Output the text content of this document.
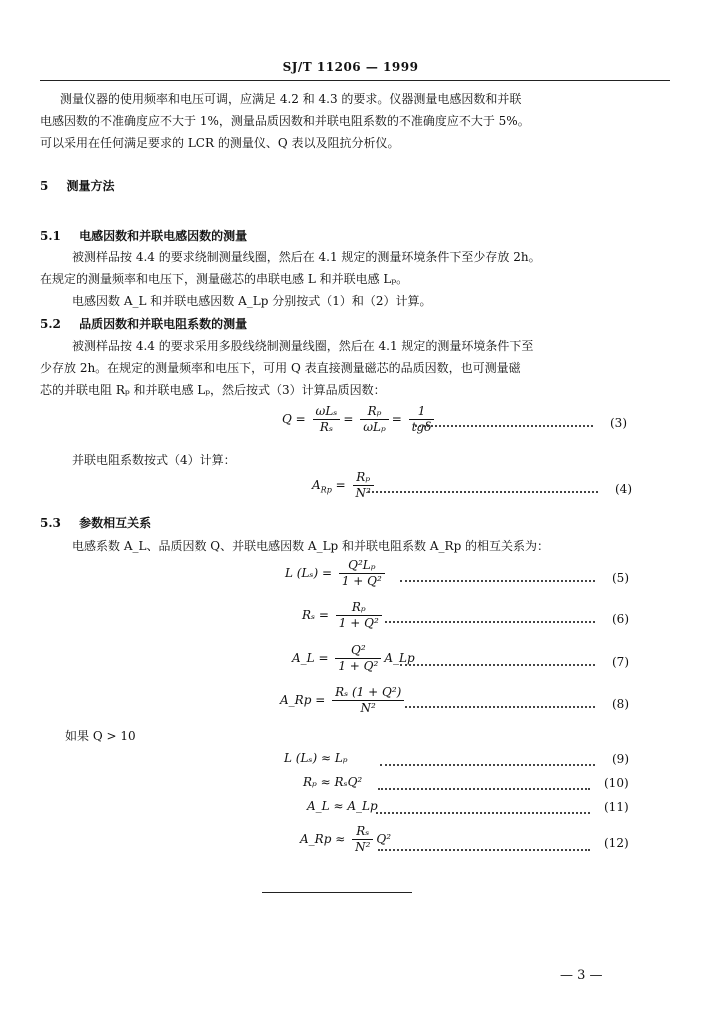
SJ/T 11206 — 1999
测量仪器的使用频率和电压可调，应满足 4.2 和 4.3 的要求。仪器测量电感因数和并联
电感因数的不准确度应不大于 1%，测量品质因数和并联电阻系数的不准确度应不大于 5%。
可以采用在任何满足要求的 LCR 的测量仪、Q 表以及阻抗分析仪。
5 测量方法
5.1 电感因数和并联电感因数的测量
被测样品按 4.4 的要求绕制测量线圈，然后在 4.1 规定的测量环境条件下至少存放 2h。
在规定的测量频率和电压下，测量磁芯的串联电感 L 和并联电感 Lₚ。
电感因数 A_L 和并联电感因数 A_Lp 分别按式（1）和（2）计算。
5.2 品质因数和并联电阻系数的测量
被测样品按 4.4 的要求采用多股线绕制测量线圈，然后在 4.1 规定的测量环境条件下至
少存放 2h。在规定的测量频率和电压下，可用 Q 表直接测量磁芯的品质因数，也可测量磁
芯的并联电阻 Rₚ 和并联电感 Lₚ，然后按式（3）计算品质因数：
$Q = \frac{\text{ωLₛ}}{\text{Rₛ}} = \frac{\text{Rₚ}}{\text{ωLₚ}} = \frac{1}{\text{tgδ}}$	(3)
并联电阻系数按式（4）计算：
$A_{Rp} = \frac{\text{Rₚ}}{\text{N²}}$	(4)
5.3 参数相互关系
电感系数 A_L、品质因数 Q、并联电感因数 A_Lp 和并联电阻系数 A_Rp 的相互关系为：
L $(L_s) = \frac{\text{Q²Lₚ}}{\text{1 + Q²}}$	(5)
$R_s = \frac{\text{Rₚ}}{\text{1 + Q²}}$	(6)
A_L = $\frac{\text{Q²}}{\text{1 + Q²}}$ A_Lp	(7)
A_Rp = $\frac{\text{Rₛ (1 + Q²)}}{\text{N²}}$	(8)
如果 Q > 10
L (Lₛ) ≈ Lₚ	(9)
Rₚ ≈ RₛQ²	(10)
A_L ≈ A_Lp	(11)
A_Rp ≈ $\frac{\text{Rₛ}}{\text{N²}} Q^2$	(12)
— 3 —
